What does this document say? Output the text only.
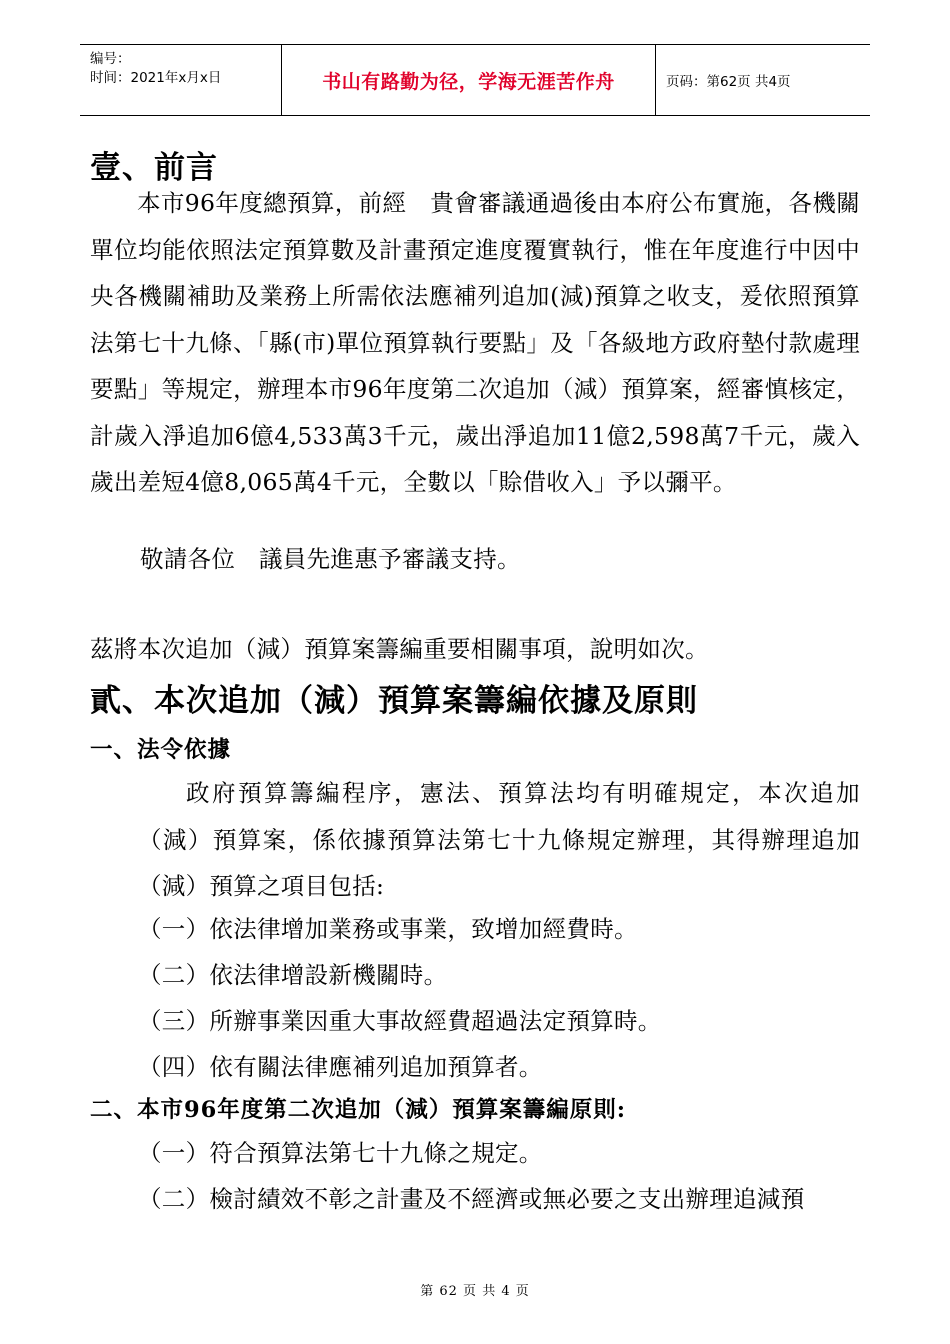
编号：
时间：2021年x月x日	书山有路勤为径，学海无涯苦作舟	页码：第62页 共4页
壹、前言
本市96年度總預算，前經　貴會審議通過後由本府公布實施，各機關單位均能依照法定預算數及計畫預定進度覆實執行，惟在年度進行中因中央各機關補助及業務上所需依法應補列追加(減)預算之收支，爰依照預算法第七十九條、「縣(市)單位預算執行要點」及「各級地方政府墊付款處理要點」等規定，辦理本市96年度第二次追加（減）預算案，經審慎核定，計歲入淨追加6億4,533萬3千元，歲出淨追加11億2,598萬7千元，歲入歲出差短4億8,065萬4千元，全數以「賒借收入」予以彌平。
敬請各位　議員先進惠予審議支持。
茲將本次追加（減）預算案籌編重要相關事項，說明如次。
貳、本次追加（減）預算案籌編依據及原則
一、法令依據
政府預算籌編程序，憲法、預算法均有明確規定，本次追加（減）預算案，係依據預算法第七十九條規定辦理，其得辦理追加（減）預算之項目包括:
（一）依法律增加業務或事業，致增加經費時。
（二）依法律增設新機關時。
（三）所辦事業因重大事故經費超過法定預算時。
（四）依有關法律應補列追加預算者。
二、本市96年度第二次追加（減）預算案籌編原則:
（一）符合預算法第七十九條之規定。
（二）檢討績效不彰之計畫及不經濟或無必要之支出辦理追減預
第 62 页 共 4 页
